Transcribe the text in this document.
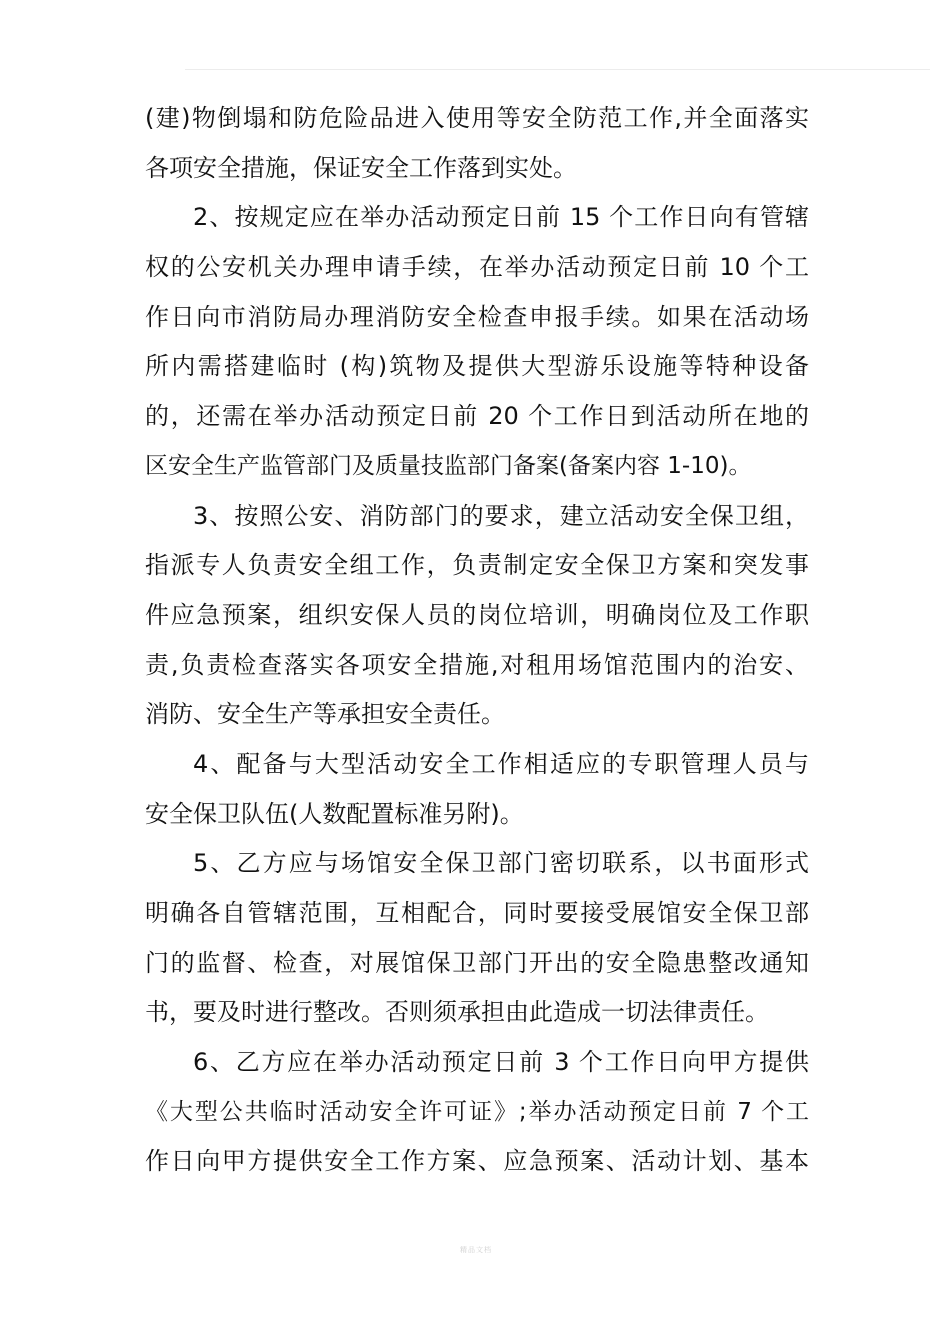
(建)物倒塌和防危险品进入使用等安全防范工作,并全面落实
各项安全措施，保证安全工作落到实处。
2、按规定应在举办活动预定日前 15 个工作日向有管辖
权的公安机关办理申请手续，在举办活动预定日前 10 个工
作日向市消防局办理消防安全检查申报手续。如果在活动场
所内需搭建临时 (构)筑物及提供大型游乐设施等特种设备
的，还需在举办活动预定日前 20 个工作日到活动所在地的
区安全生产监管部门及质量技监部门备案(备案内容 1-10)。
3、按照公安、消防部门的要求，建立活动安全保卫组，
指派专人负责安全组工作，负责制定安全保卫方案和突发事
件应急预案，组织安保人员的岗位培训，明确岗位及工作职
责,负责检查落实各项安全措施,对租用场馆范围内的治安、
消防、安全生产等承担安全责任。
4、配备与大型活动安全工作相适应的专职管理人员与
安全保卫队伍(人数配置标准另附)。
5、乙方应与场馆安全保卫部门密切联系，以书面形式
明确各自管辖范围，互相配合，同时要接受展馆安全保卫部
门的监督、检查，对展馆保卫部门开出的安全隐患整改通知
书，要及时进行整改。否则须承担由此造成一切法律责任。
6、乙方应在举办活动预定日前 3 个工作日向甲方提供
《大型公共临时活动安全许可证》;举办活动预定日前 7 个工
作日向甲方提供安全工作方案、应急预案、活动计划、基本
精品文档
